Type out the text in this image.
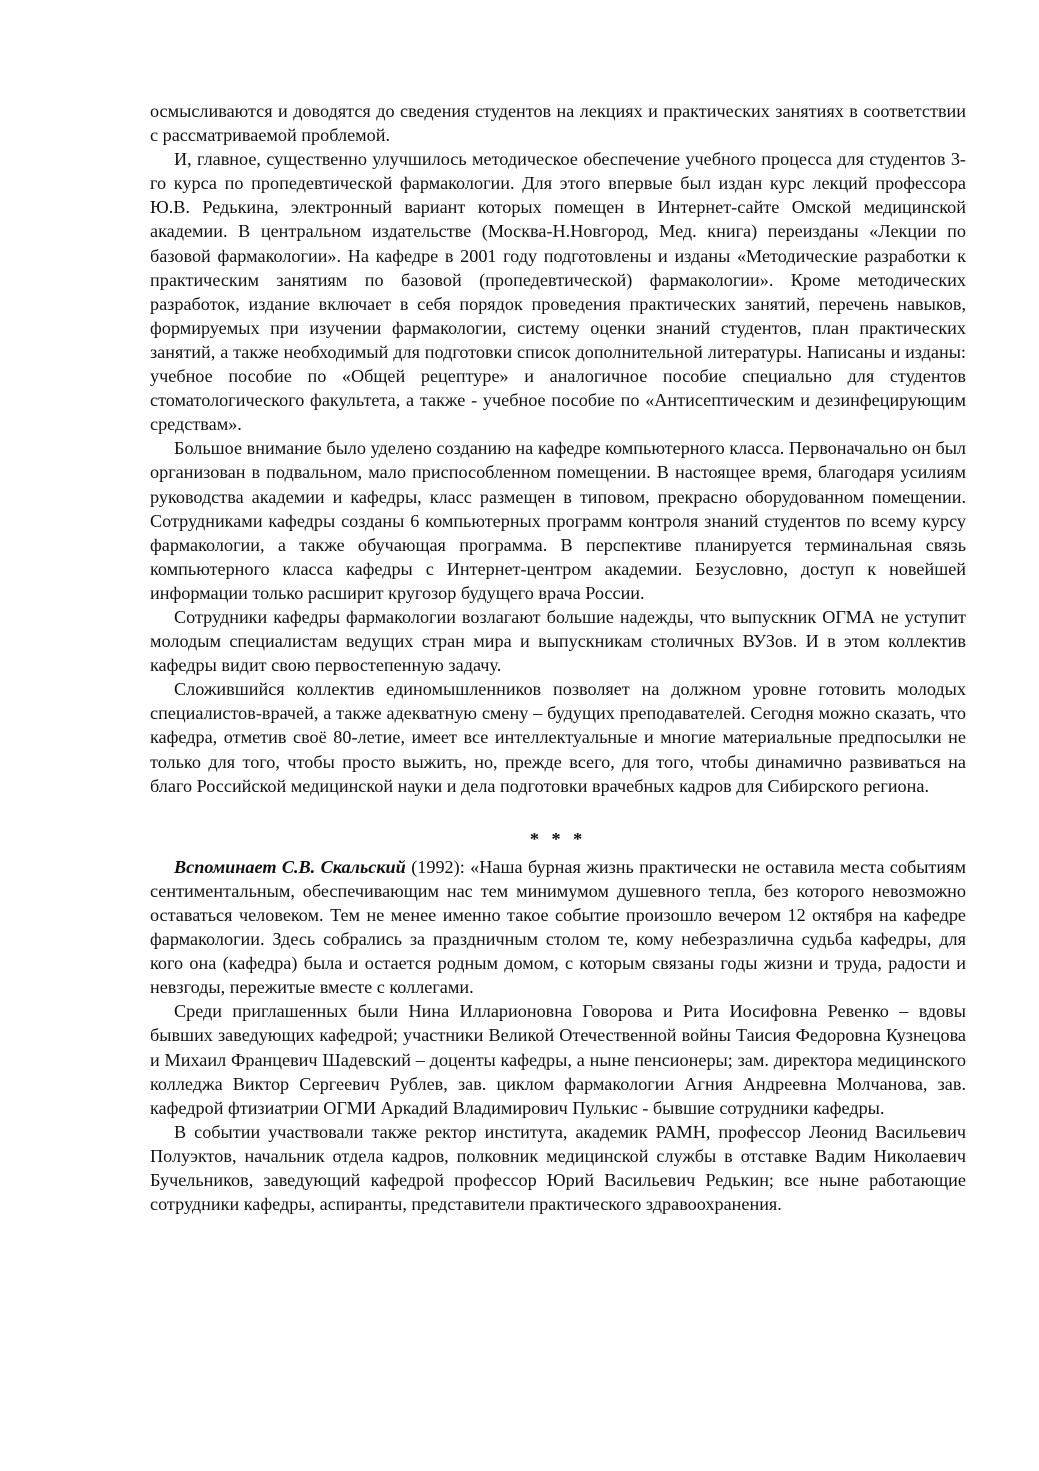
осмысливаются и доводятся до сведения студентов на лекциях и практических занятиях в соответствии с рассматриваемой проблемой.

И, главное, существенно улучшилось методическое обеспечение учебного процесса для студентов 3-го курса по пропедевтической фармакологии. Для этого впервые был издан курс лекций профессора Ю.В. Редькина, электронный вариант которых помещен в Интернет-сайте Омской медицинской академии. В центральном издательстве (Москва-Н.Новгород, Мед. книга) переизданы «Лекции по базовой фармакологии». На кафедре в 2001 году подготовлены и изданы «Методические разработки к практическим занятиям по базовой (пропедевтической) фармакологии». Кроме методических разработок, издание включает в себя порядок проведения практических занятий, перечень навыков, формируемых при изучении фармакологии, систему оценки знаний студентов, план практических занятий, а также необходимый для подготовки список дополнительной литературы. Написаны и изданы: учебное пособие по «Общей рецептуре» и аналогичное пособие специально для студентов стоматологического факультета, а также - учебное пособие по «Антисептическим и дезинфецирующим средствам».

Большое внимание было уделено созданию на кафедре компьютерного класса. Первоначально он был организован в подвальном, мало приспособленном помещении. В настоящее время, благодаря усилиям руководства академии и кафедры, класс размещен в типовом, прекрасно оборудованном помещении. Сотрудниками кафедры созданы 6 компьютерных программ контроля знаний студентов по всему курсу фармакологии, а также обучающая программа. В перспективе планируется терминальная связь компьютерного класса кафедры с Интернет-центром академии. Безусловно, доступ к новейшей информации только расширит кругозор будущего врача России.

Сотрудники кафедры фармакологии возлагают большие надежды, что выпускник ОГМА не уступит молодым специалистам ведущих стран мира и выпускникам столичных ВУЗов. И в этом коллектив кафедры видит свою первостепенную задачу.

Сложившийся коллектив единомышленников позволяет на должном уровне готовить молодых специалистов-врачей, а также адекватную смену – будущих преподавателей. Сегодня можно сказать, что кафедра, отметив своё 80-летие, имеет все интеллектуальные и многие материальные предпосылки не только для того, чтобы просто выжить, но, прежде всего, для того, чтобы динамично развиваться на благо Российской медицинской науки и дела подготовки врачебных кадров для Сибирского региона.

* * *

Вспоминает С.В. Скальский (1992): «Наша бурная жизнь практически не оставила места событиям сентиментальным, обеспечивающим нас тем минимумом душевного тепла, без которого невозможно оставаться человеком. Тем не менее именно такое событие произошло вечером 12 октября на кафедре фармакологии. Здесь собрались за праздничным столом те, кому небезразлична судьба кафедры, для кого она (кафедра) была и остается родным домом, с которым связаны годы жизни и труда, радости и невзгоды, пережитые вместе с коллегами.

Среди приглашенных были Нина Илларионовна Говорова и Рита Иосифовна Ревенко – вдовы бывших заведующих кафедрой; участники Великой Отечественной войны Таисия Федоровна Кузнецова и Михаил Францевич Шадевский – доценты кафедры, а ныне пенсионеры; зам. директора медицинского колледжа Виктор Сергеевич Рублев, зав. циклом фармакологии Агния Андреевна Молчанова, зав. кафедрой фтизиатрии ОГМИ Аркадий Владимирович Пулькис - бывшие сотрудники кафедры.

В событии участвовали также ректор института, академик РАМН, профессор Леонид Васильевич Полуэктов, начальник отдела кадров, полковник медицинской службы в отставке Вадим Николаевич Бучельников, заведующий кафедрой профессор Юрий Васильевич Редькин; все ныне работающие сотрудники кафедры, аспиранты, представители практического здравоохранения.
